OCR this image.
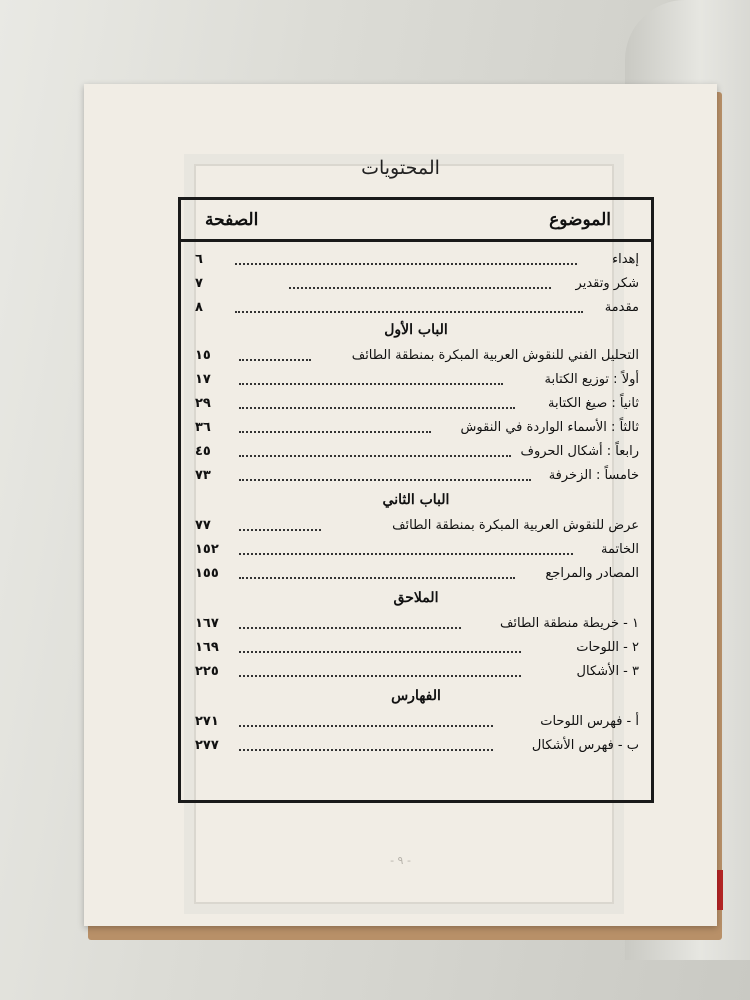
المحتويات
الموضوع
الصفحة
إهداء
٦
شكر وتقدير
٧
مقدمة
٨
الباب الأول
التحليل الفني للنقوش العربية المبكرة بمنطقة الطائف
١٥
أولاً : توزيع الكتابة
١٧
ثانياً : صيغ الكتابة
٢٩
ثالثاً : الأسماء الواردة في النقوش
٣٦
رابعاً : أشكال الحروف
٤٥
خامساً : الزخرفة
٧٣
الباب الثاني
عرض للنقوش العربية المبكرة بمنطقة الطائف
٧٧
الخاتمة
١٥٢
المصادر والمراجع
١٥٥
الملاحق
١ - خريطة منطقة الطائف
١٦٧
٢ - اللوحات
١٦٩
٣ - الأشكال
٢٢٥
الفهارس
أ - فهرس اللوحات
٢٧١
ب - فهرس الأشكال
٢٧٧
- ٩ -
